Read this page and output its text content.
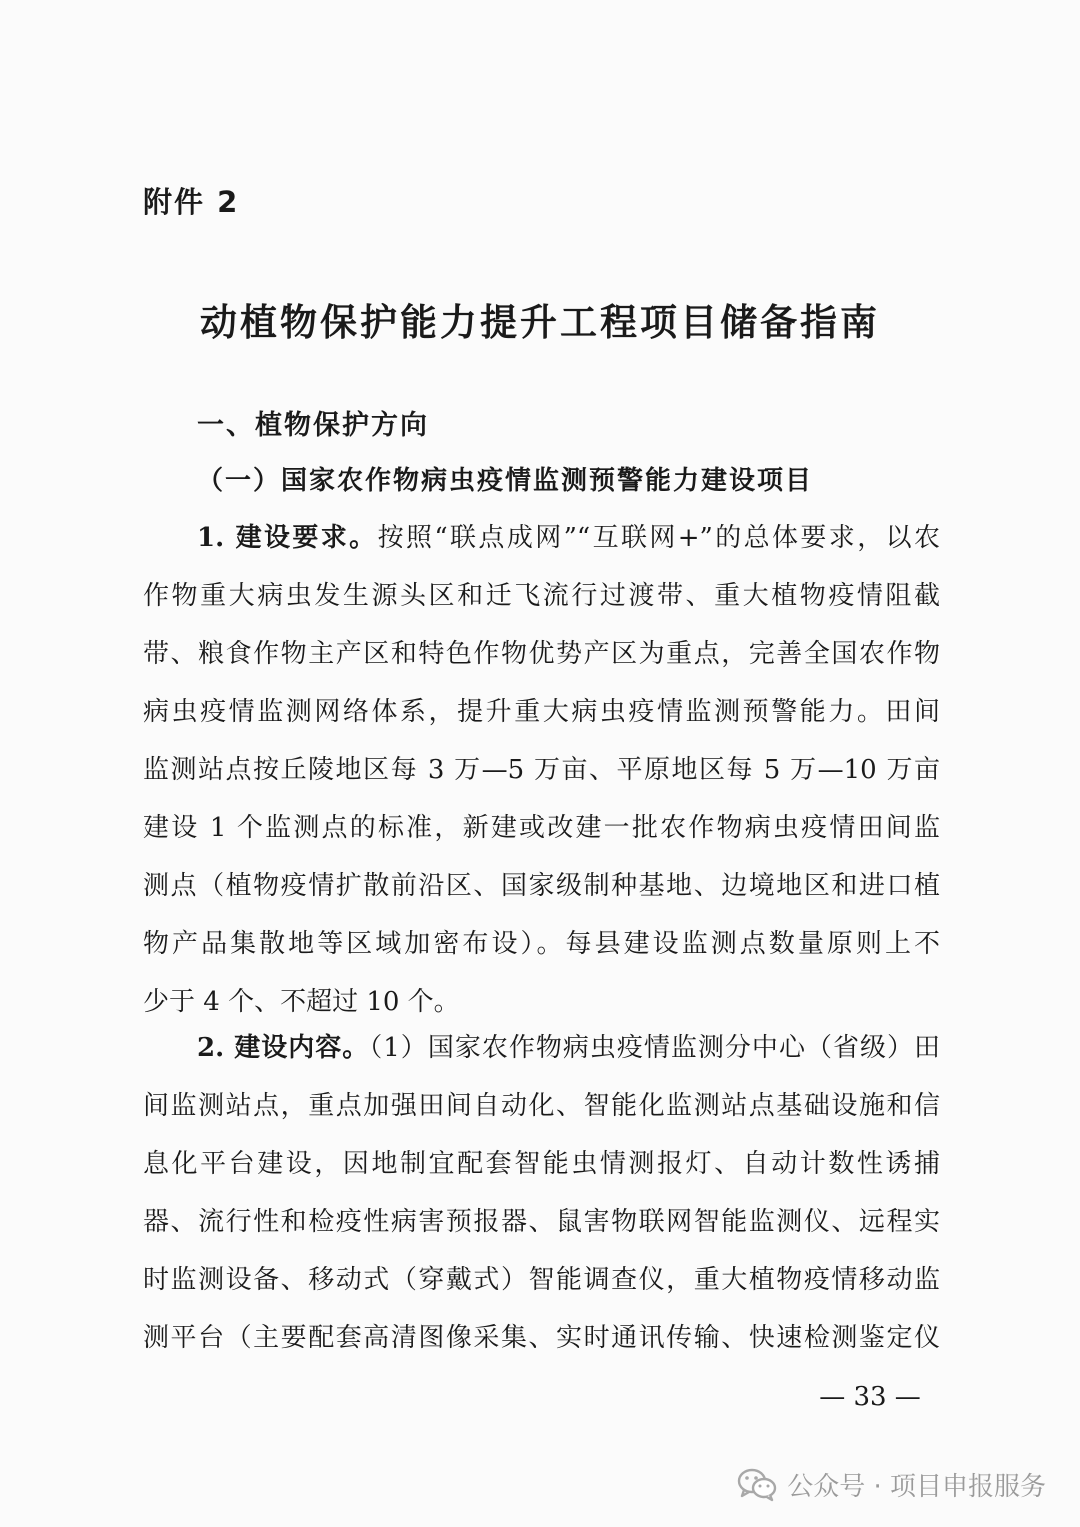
附件 2
动植物保护能力提升工程项目储备指南
一、植物保护方向
（一）国家农作物病虫疫情监测预警能力建设项目
1. 建设要求。按照“联点成网”“互联网+”的总体要求，以农
作物重大病虫发生源头区和迁飞流行过渡带、重大植物疫情阻截
带、粮食作物主产区和特色作物优势产区为重点，完善全国农作物
病虫疫情监测网络体系，提升重大病虫疫情监测预警能力。田间
监测站点按丘陵地区每 3 万—5 万亩、平原地区每 5 万—10 万亩
建设 1 个监测点的标准，新建或改建一批农作物病虫疫情田间监
测点（植物疫情扩散前沿区、国家级制种基地、边境地区和进口植
物产品集散地等区域加密布设）。每县建设监测点数量原则上不
少于 4 个、不超过 10 个。
2. 建设内容。（1）国家农作物病虫疫情监测分中心（省级）田
间监测站点，重点加强田间自动化、智能化监测站点基础设施和信
息化平台建设，因地制宜配套智能虫情测报灯、自动计数性诱捕
器、流行性和检疫性病害预报器、鼠害物联网智能监测仪、远程实
时监测设备、移动式（穿戴式）智能调查仪，重大植物疫情移动监
测平台（主要配套高清图像采集、实时通讯传输、快速检测鉴定仪
— 33 —
公众号 · 项目申报服务
